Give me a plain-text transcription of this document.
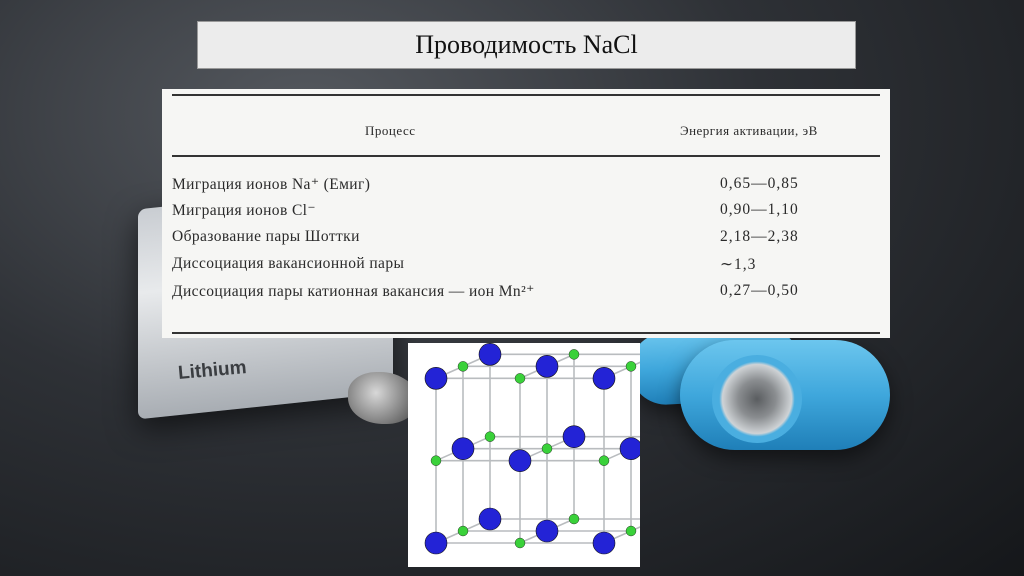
Lithium
Проводимость NaCl
Процесс	Энергия активации, эВ
Миграция ионов Na⁺ (Eмиг)	0,65—0,85
Миграция ионов Cl⁻	0,90—1,10
Образование пары Шоттки	2,18—2,38
Диссоциация вакансионной пары	∼1,3
Диссоциация пары катионная вакансия — ион Mn²⁺	0,27—0,50
